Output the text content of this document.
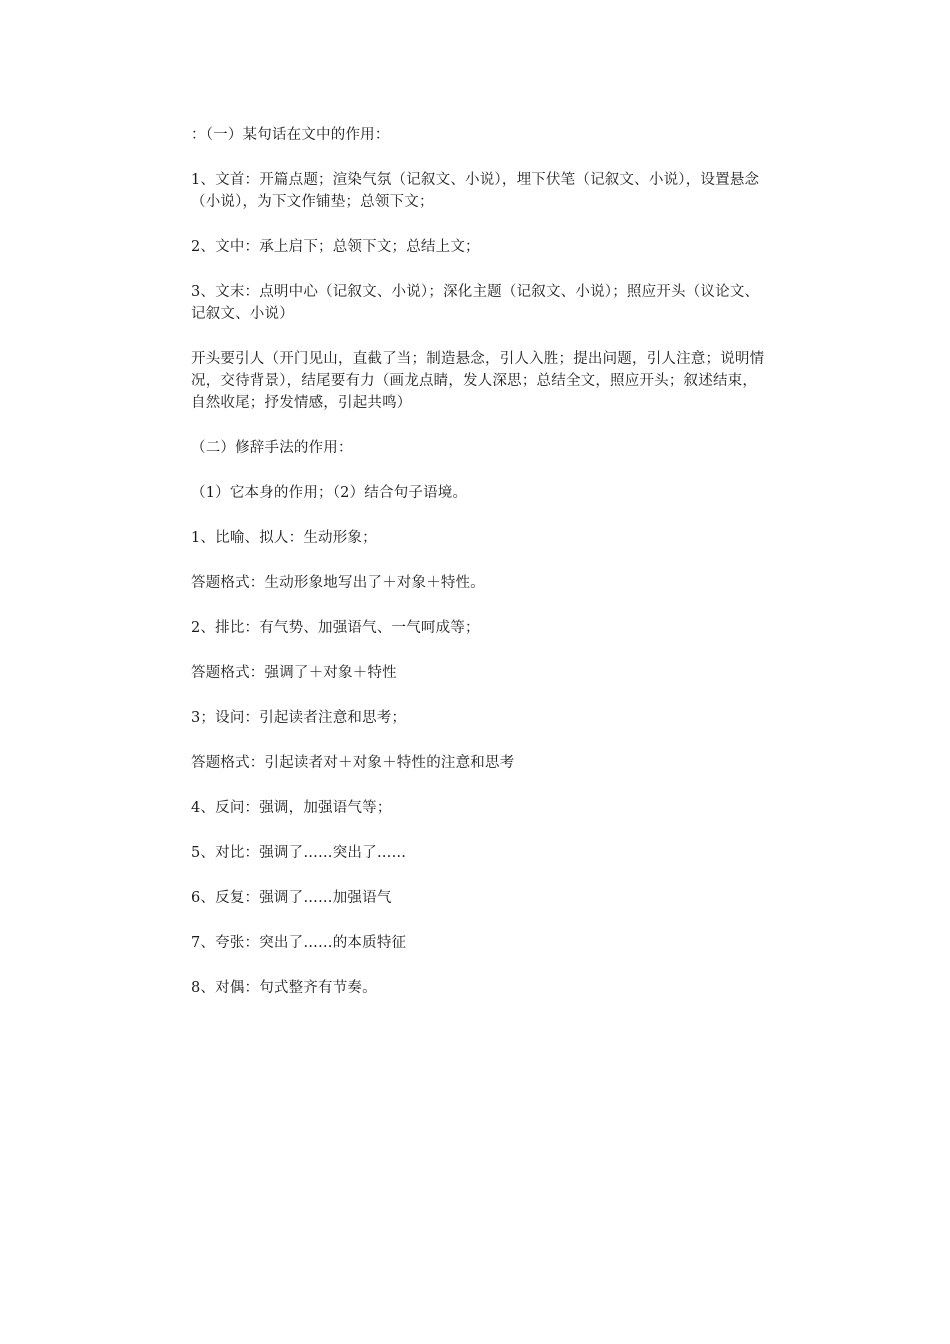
：（一）某句话在文中的作用：

1、文首：开篇点题；渲染气氛（记叙文、小说），埋下伏笔（记叙文、小说），设置悬念（小说），为下文作铺垫；总领下文；

2、文中：承上启下；总领下文；总结上文；

3、文末：点明中心（记叙文、小说）；深化主题（记叙文、小说）；照应开头（议论文、记叙文、小说）

开头要引人（开门见山，直截了当；制造悬念，引人入胜；提出问题，引人注意；说明情况，交待背景），结尾要有力（画龙点睛，发人深思；总结全文，照应开头；叙述结束，自然收尾；抒发情感，引起共鸣）

（二）修辞手法的作用：

（1）它本身的作用；（2）结合句子语境。

1、比喻、拟人：生动形象；

答题格式：生动形象地写出了＋对象＋特性。

2、排比：有气势、加强语气、一气呵成等；

答题格式：强调了＋对象＋特性

3；设问：引起读者注意和思考；

答题格式：引起读者对＋对象＋特性的注意和思考

4、反问：强调，加强语气等；

5、对比：强调了……突出了……

6、反复：强调了……加强语气

7、夸张：突出了……的本质特征

8、对偶：句式整齐有节奏。
